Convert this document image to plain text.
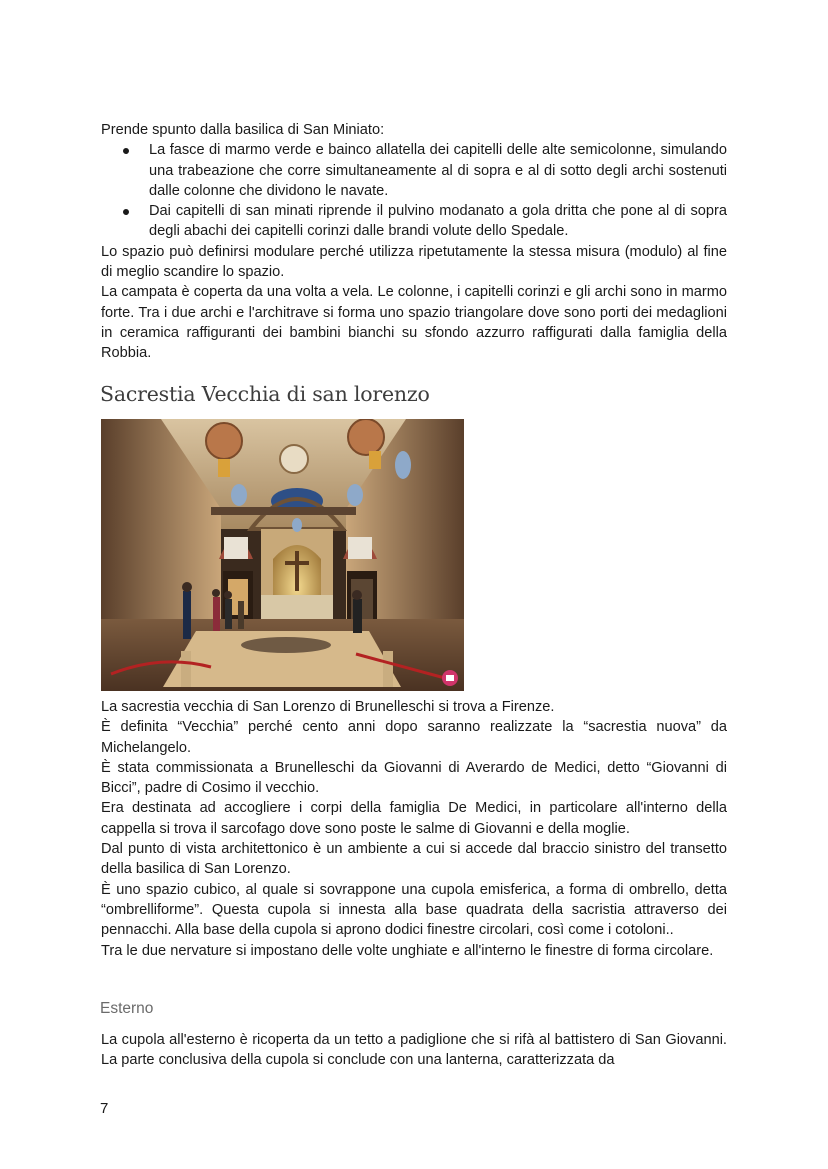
Prende spunto dalla basilica di San Miniato:

La fasce di marmo verde e bainco allatella dei capitelli delle alte semicolonne, simulando una trabeazione che corre simultaneamente al di sopra e al di sotto degli archi sostenuti dalle colonne che dividono le navate.
Dai capitelli di san minati riprende il pulvino modanato a gola dritta che pone al di sopra degli abachi dei capitelli corinzi dalle brandi volute dello Spedale.

Lo spazio può definirsi modulare perché utilizza ripetutamente la stessa misura (modulo) al fine di meglio scandire lo spazio.

La campata è coperta da una volta a vela. Le colonne, i capitelli corinzi e gli archi sono in marmo forte. Tra i due archi e l'architrave si forma uno spazio triangolare dove sono porti dei medaglioni in ceramica raffiguranti dei bambini bianchi su sfondo azzurro raffigurati dalla famiglia della Robbia.

Sacrestia Vecchia di san lorenzo

La sacrestia vecchia di San Lorenzo di Brunelleschi si trova a Firenze.

È definita “Vecchia” perché cento anni dopo saranno realizzate la “sacrestia nuova” da Michelangelo.

È stata commissionata a Brunelleschi da Giovanni di Averardo de Medici, detto “Giovanni di Bicci”, padre di Cosimo il vecchio.

Era destinata ad accogliere i corpi della famiglia De Medici, in particolare all'interno della cappella si trova il sarcofago dove sono poste le salme di Giovanni e della moglie.

Dal punto di vista architettonico è un ambiente a cui si accede dal braccio sinistro del transetto della basilica di San Lorenzo.

È uno spazio cubico, al quale si sovrappone una cupola emisferica, a forma di ombrello, detta “ombrelliforme”. Questa cupola si innesta alla base quadrata della sacristia attraverso dei pennacchi. Alla base della cupola si aprono dodici finestre circolari, così come i cotoloni..

Tra le due nervature si impostano delle volte unghiate e all'interno le finestre di forma circolare.

Esterno

La cupola all'esterno è ricoperta da un tetto a padiglione che si rifà al battistero di San Giovanni. La parte conclusiva della cupola si conclude con una lanterna, caratterizzata da

7
